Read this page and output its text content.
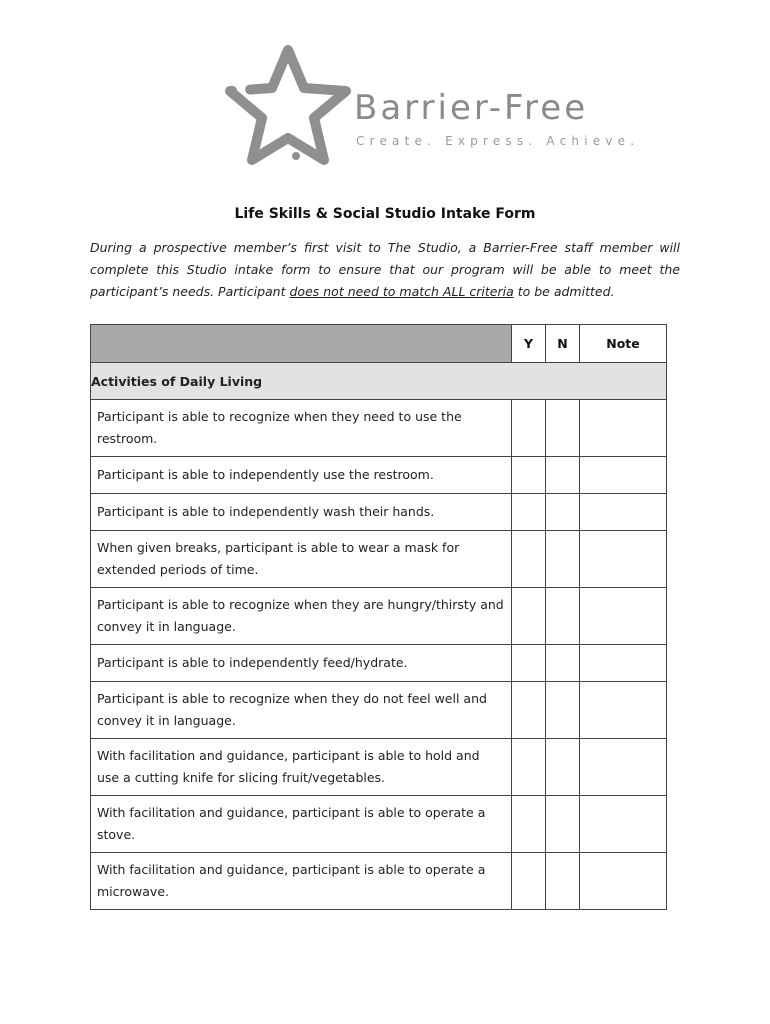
Barrier-Free
Create. Express. Achieve.
Life Skills & Social Studio Intake Form
During a prospective member’s first visit to The Studio, a Barrier-Free staff member will complete this Studio intake form to ensure that our program will be able to meet the participant’s needs. Participant does not need to match ALL criteria to be admitted.
	Y	N	Note
Activities of Daily Living			
Participant is able to recognize when they need to use the restroom.			
Participant is able to independently use the restroom.			
Participant is able to independently wash their hands.			
When given breaks, participant is able to wear a mask for extended periods of time.			
Participant is able to recognize when they are hungry/thirsty and convey it in language.			
Participant is able to independently feed/hydrate.			
Participant is able to recognize when they do not feel well and convey it in language.			
With facilitation and guidance, participant is able to hold and use a cutting knife for slicing fruit/vegetables.			
With facilitation and guidance, participant is able to operate a stove.			
With facilitation and guidance, participant is able to operate a microwave.			
